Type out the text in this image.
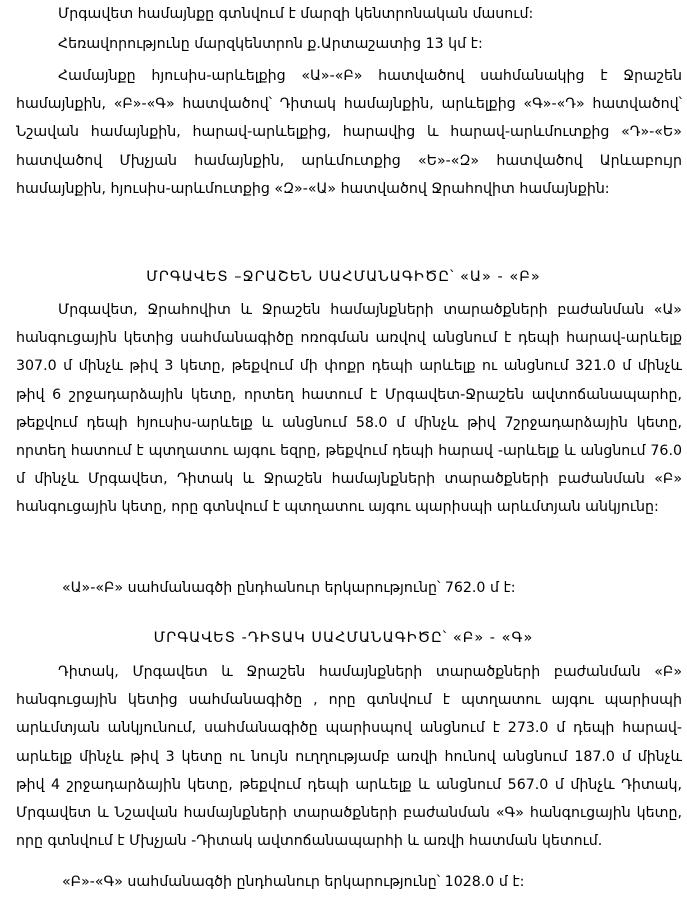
Մրգավետ համայնքը գտնվում է մարզի կենտրոնական մասում:

Հեռավորությունը մարզկենտրոն ք.Արտաշատից 13 կմ է:

Համայնքը հյուսիս-արևելքից «Ա»-«Բ» հատվածով սահմանակից է Ջրաշեն համայնքին, «Բ»-«Գ» հատվածով՝ Դիտակ համայնքին, արևելքից «Գ»-«Դ» հատվածով՝ Նշավան համայնքին, հարավ-արևելքից, հարավից և հարավ-արևմուտքից «Դ»-«Ե» հատվածով Մխչյան համայնքին, արևմուտքից «Ե»-«Զ» հատվածով Արևաբույր համայնքին, հյուսիս-արևմուտքից «Զ»-«Ա» հատվածով Ջրահովիտ համայնքին:

ՄՐԳԱՎԵՏ –ՋՐԱՇԵՆ ՍԱՀՄԱՆԱԳԻԾԸ՝ «Ա» - «Բ»

Մրգավետ, Ջրահովիտ և Ջրաշեն համայնքների տարածքների բաժանման «Ա» հանգուցային կետից սահմանագիծը ոռոգման առվով անցնում է դեպի հարավ-արևելք 307.0 մ մինչև թիվ 3 կետը, թեքվում մի փոքր դեպի արևելք ու անցնում 321.0 մ մինչև թիվ 6 շրջադարձային կետը, որտեղ հատում է Մրգավետ-Ջրաշեն ավտոճանապարհը, թեքվում դեպի հյուսիս-արևելք և անցնում 58.0 մ մինչև թիվ 7շրջադարձային կետը, որտեղ հատում է պտղատու այգու եզրը, թեքվում դեպի հարավ -արևելք և անցնում 76.0 մ մինչև Մրգավետ, Դիտակ և Ջրաշեն համայնքների տարածքների բաժանման «Բ» հանգուցային կետը, որը գտնվում է պտղատու այգու պարիսպի արևմտյան անկյունը:

«Ա»-«Բ» սահմանագծի ընդհանուր երկարությունը՝ 762.0 մ է:

ՄՐԳԱՎԵՏ -ԴԻՏԱԿ ՍԱՀՄԱՆԱԳԻԾԸ՝ «Բ» - «Գ»

Դիտակ, Մրգավետ և Ջրաշեն համայնքների տարածքների բաժանման «Բ» հանգուցային կետից սահմանագիծը , որը գտնվում է պտղատու այգու պարիսպի արևմտյան անկյունում, սահմանագիծը պարիսպով անցնում է 273.0 մ դեպի հարավ-արևելք մինչև թիվ 3 կետը ու նույն ուղղությամբ առվի հունով անցնում 187.0 մ մինչև թիվ 4 շրջադարձային կետը, թեքվում դեպի արևելք և անցնում 567.0 մ մինչև Դիտակ, Մրգավետ և Նշավան համայնքների տարածքների բաժանման «Գ» հանգուցային կետը, որը գտնվում է Մխչյան -Դիտակ ավտոճանապարհի և առվի հատման կետում.

«Բ»-«Գ» սահմանագծի ընդհանուր երկարությունը՝ 1028.0 մ է:
